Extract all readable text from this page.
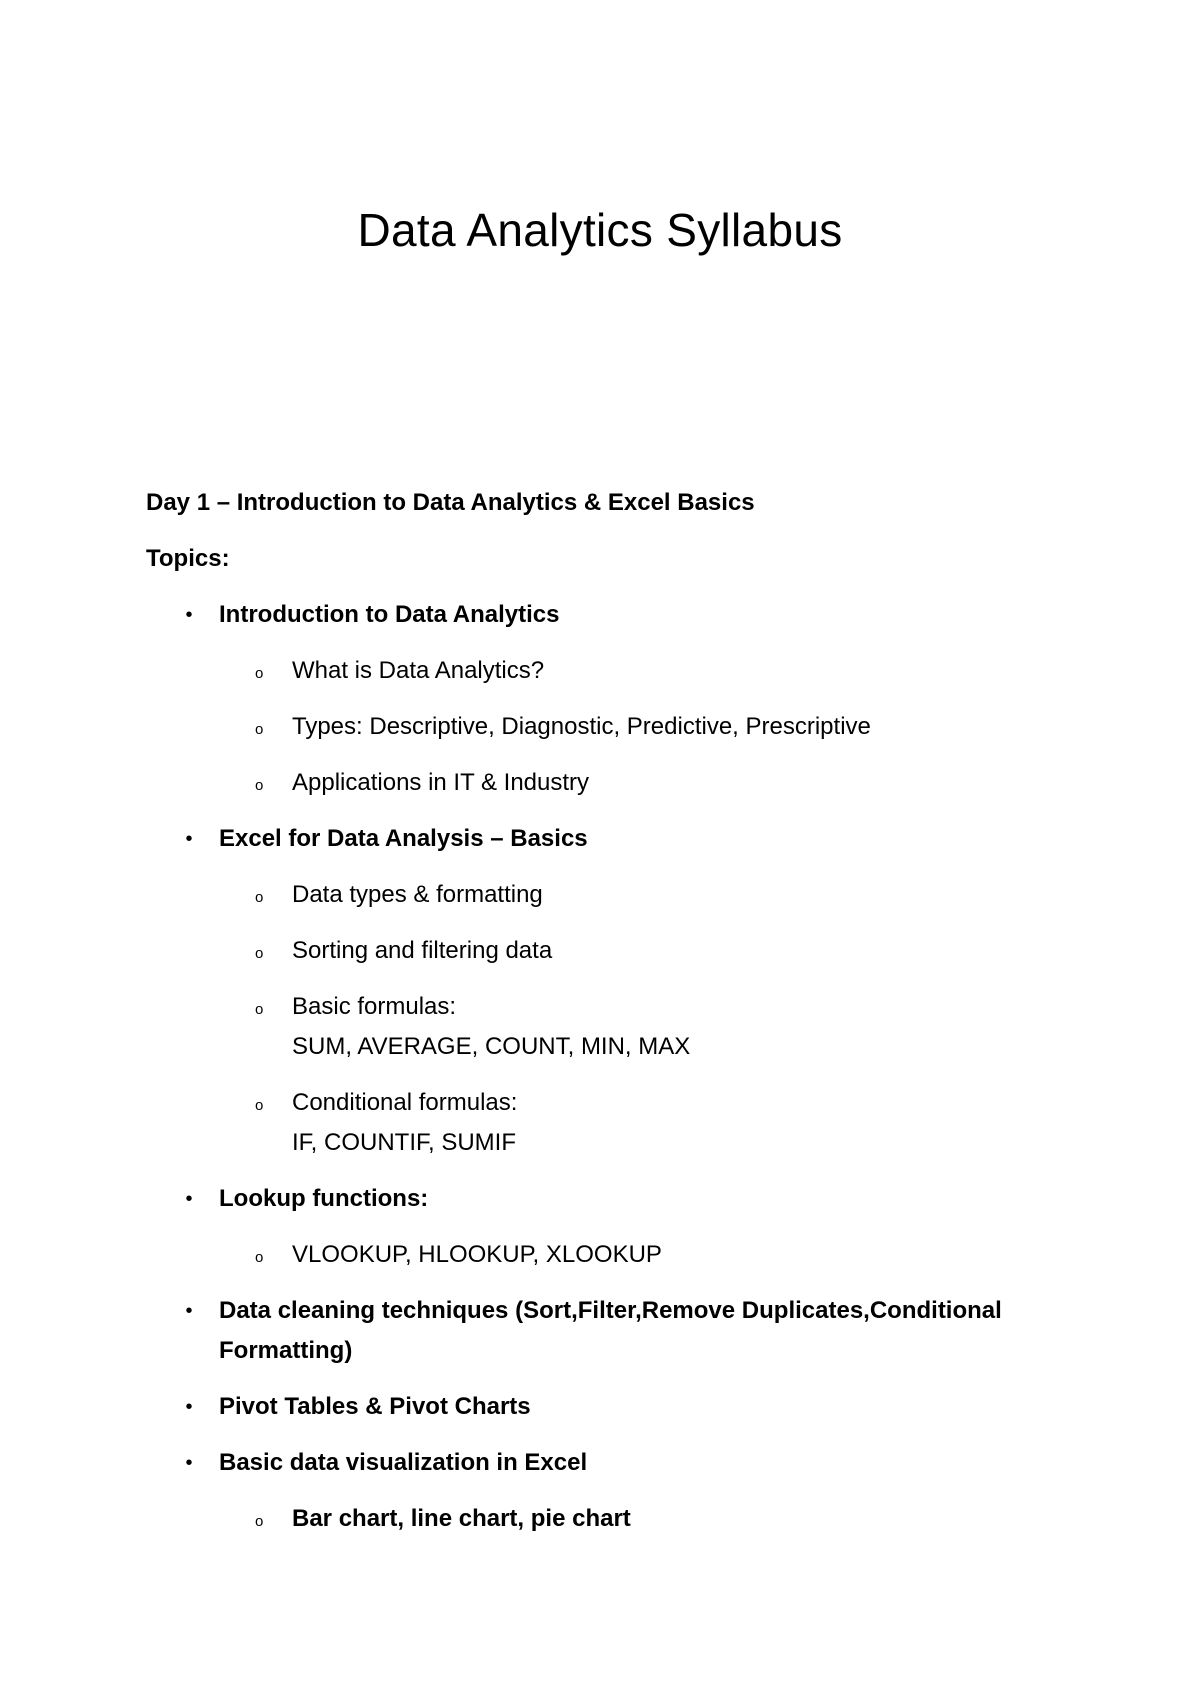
Data Analytics Syllabus
Day 1 – Introduction to Data Analytics & Excel Basics
Topics:
• Introduction to Data Analytics
o What is Data Analytics?
o Types: Descriptive, Diagnostic, Predictive, Prescriptive
o Applications in IT & Industry
• Excel for Data Analysis – Basics
o Data types & formatting
o Sorting and filtering data
o Basic formulas:
SUM, AVERAGE, COUNT, MIN, MAX
o Conditional formulas:
IF, COUNTIF, SUMIF
• Lookup functions:
o VLOOKUP, HLOOKUP, XLOOKUP
• Data cleaning techniques (Sort,Filter,Remove Duplicates,Conditional Formatting)
• Pivot Tables & Pivot Charts
• Basic data visualization in Excel
o Bar chart, line chart, pie chart
